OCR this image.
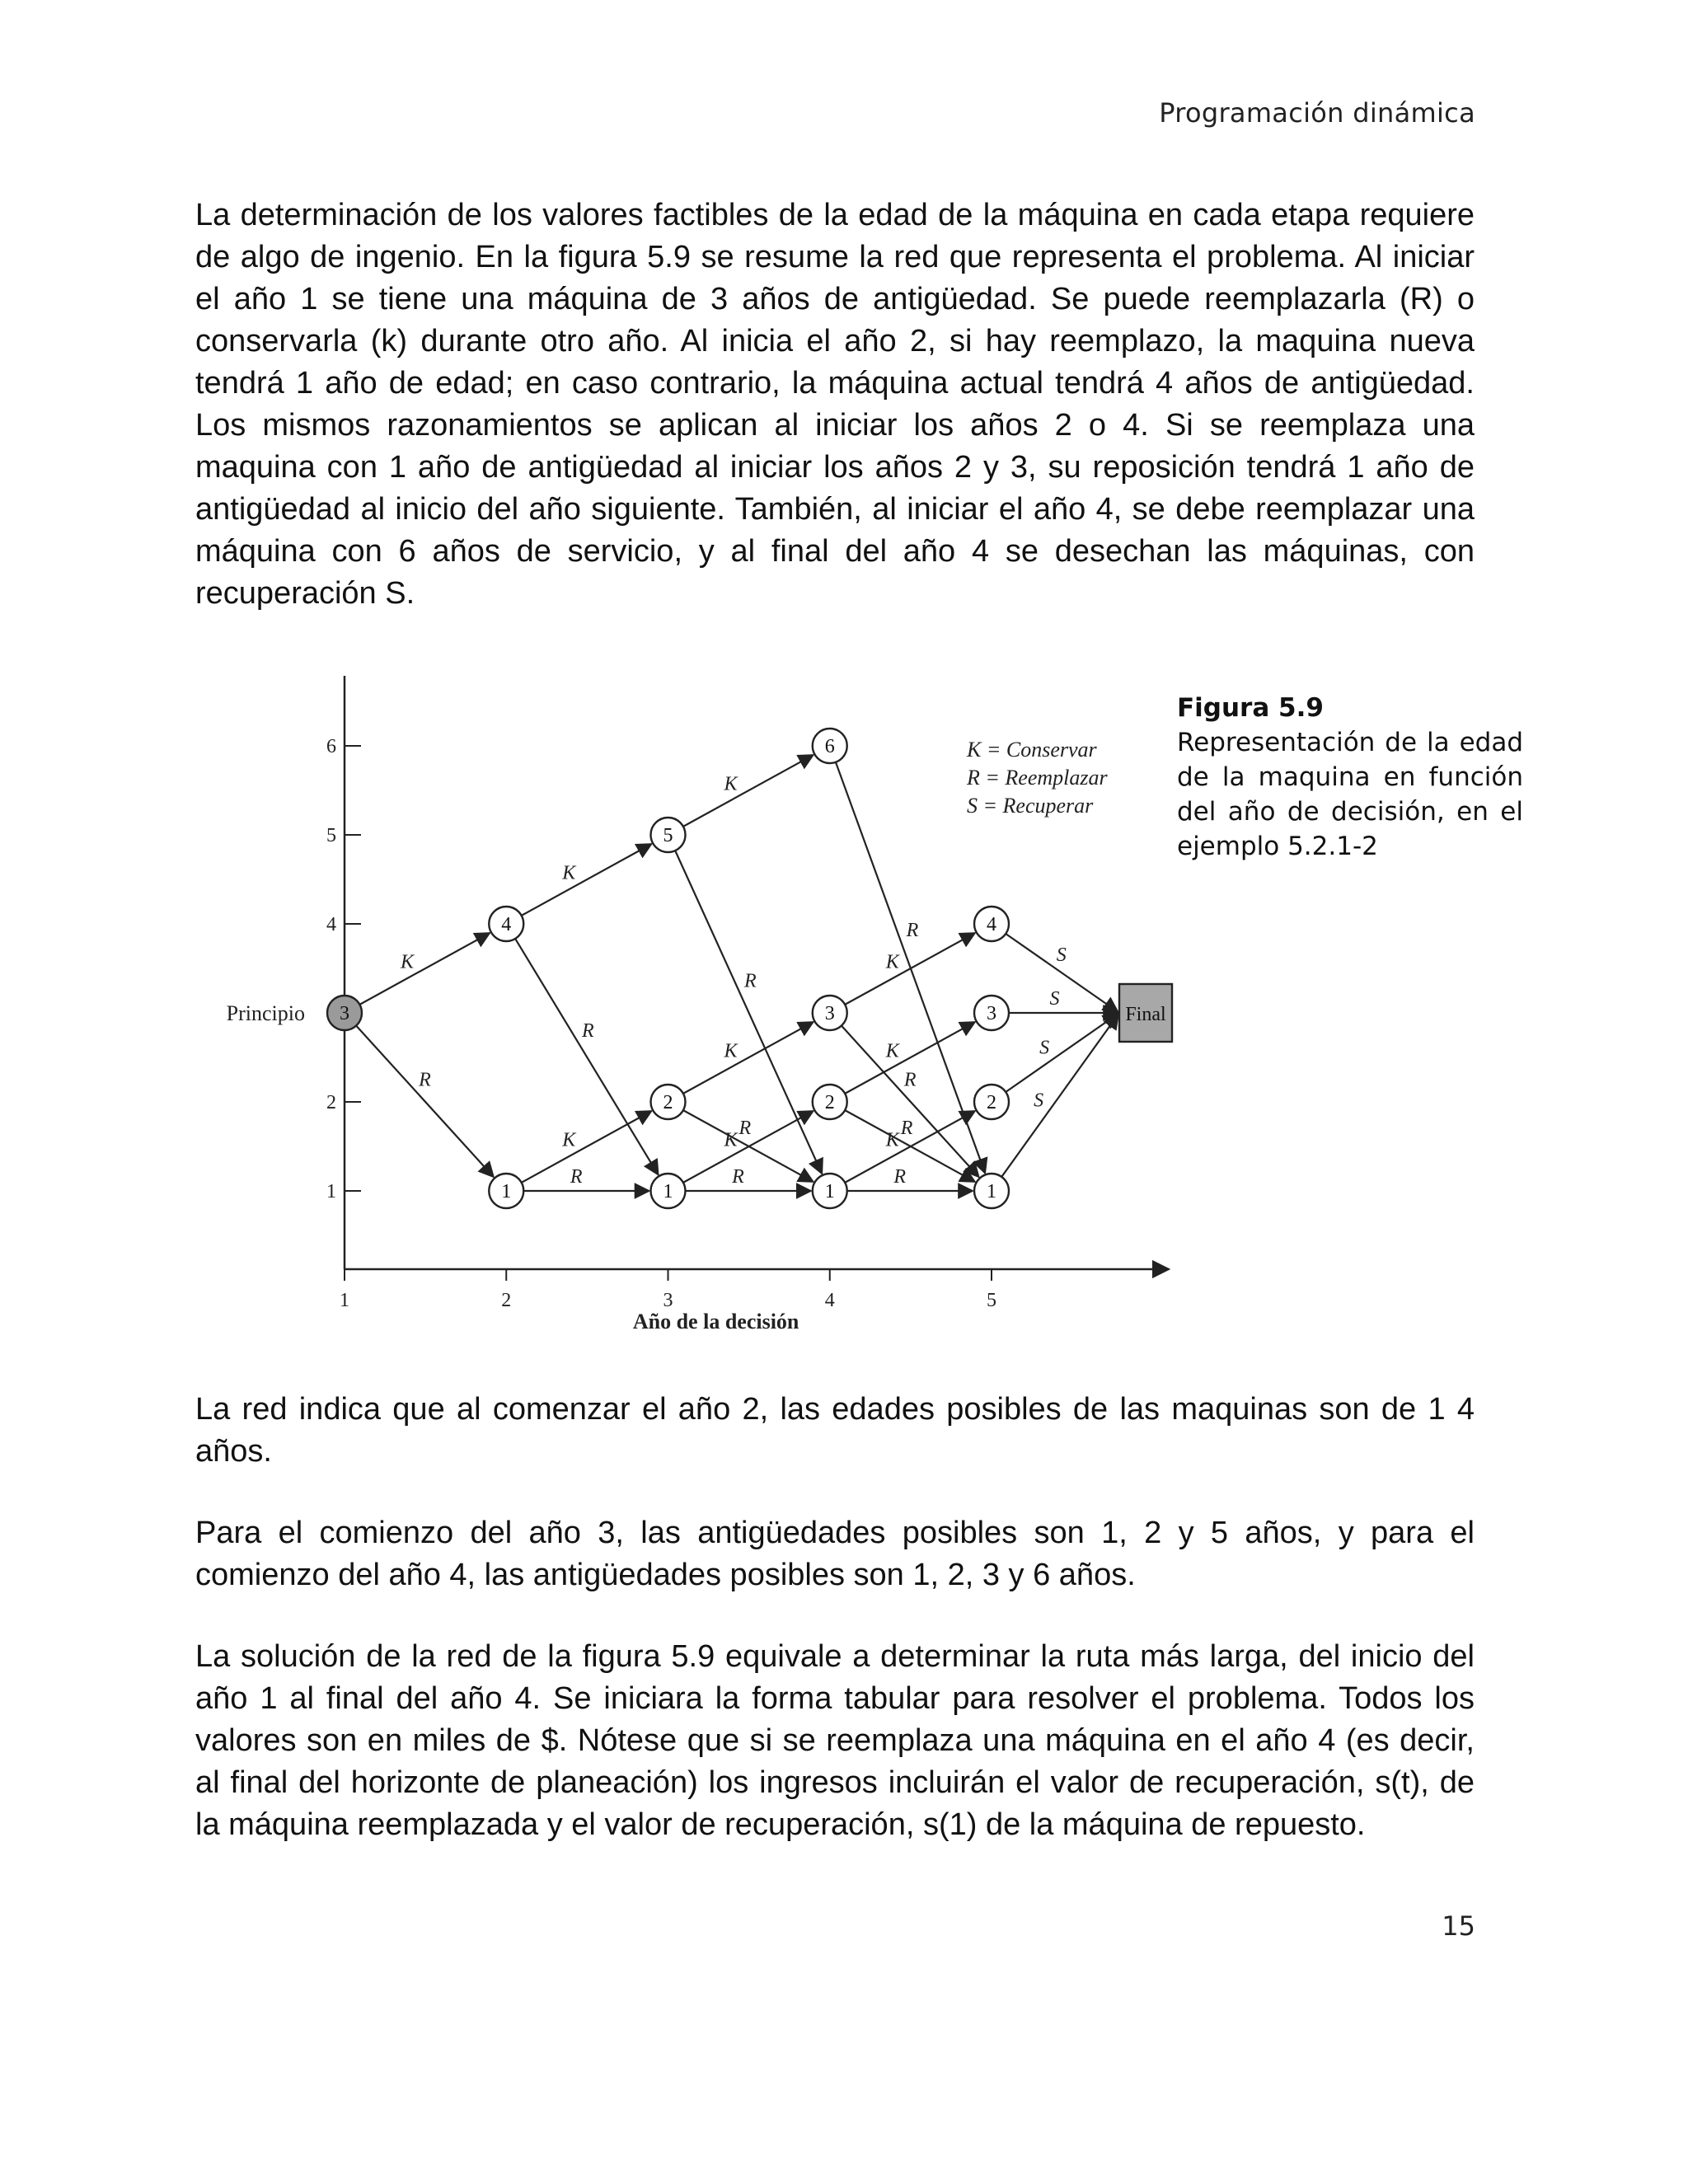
Programación dinámica

La determinación de los valores factibles de la edad de la máquina en cada etapa requiere de algo de ingenio. En la figura 5.9 se resume la red que representa el problema. Al iniciar el año 1 se tiene una máquina de 3 años de antigüedad. Se puede reemplazarla (R) o conservarla (k) durante otro año. Al inicia el año 2, si hay reemplazo, la maquina nueva tendrá 1 año de edad; en caso contrario, la máquina actual tendrá 4 años de antigüedad. Los mismos razonamientos se aplican al iniciar los años 2 o 4. Si se reemplaza una maquina con 1 año de antigüedad al iniciar los años 2 y 3, su reposición tendrá 1 año de antigüedad al inicio del año siguiente. También, al iniciar el año 4, se debe reemplazar una máquina con 6 años de servicio, y al final del año 4 se desechan las máquinas, con recuperación S.

1
2
4
5
6
1	2	3	4	5
Año de la decisión
3
4
1
5
2
1
6
3
2
1
4
3
2
1
Final
Principio
K
R
K
R
K
R
K
R
K
R
K
R
R
K
R
K
R
K
R
S
S
S
S
K = Conservar
R = Reemplazar
S = Recuperar
Figura 5.9
Representación de la edad de la maquina en función del año de decisión, en el ejemplo 5.2.1-2

La red indica que al comenzar el año 2, las edades posibles de las maquinas son de 1 4 años.

Para el comienzo del año 3, las antigüedades posibles son 1, 2 y 5 años, y para el comienzo del año 4, las antigüedades posibles son 1, 2, 3 y 6 años.

La solución de la red de la figura 5.9 equivale a determinar la ruta más larga, del inicio del año 1 al final del año 4. Se iniciara la forma tabular para resolver el problema. Todos los valores son en miles de $. Nótese que si se reemplaza una máquina en el año 4 (es decir, al final del horizonte de planeación) los ingresos incluirán el valor de recuperación, s(t), de la máquina reemplazada y el valor de recuperación, s(1) de la máquina de repuesto.

15
